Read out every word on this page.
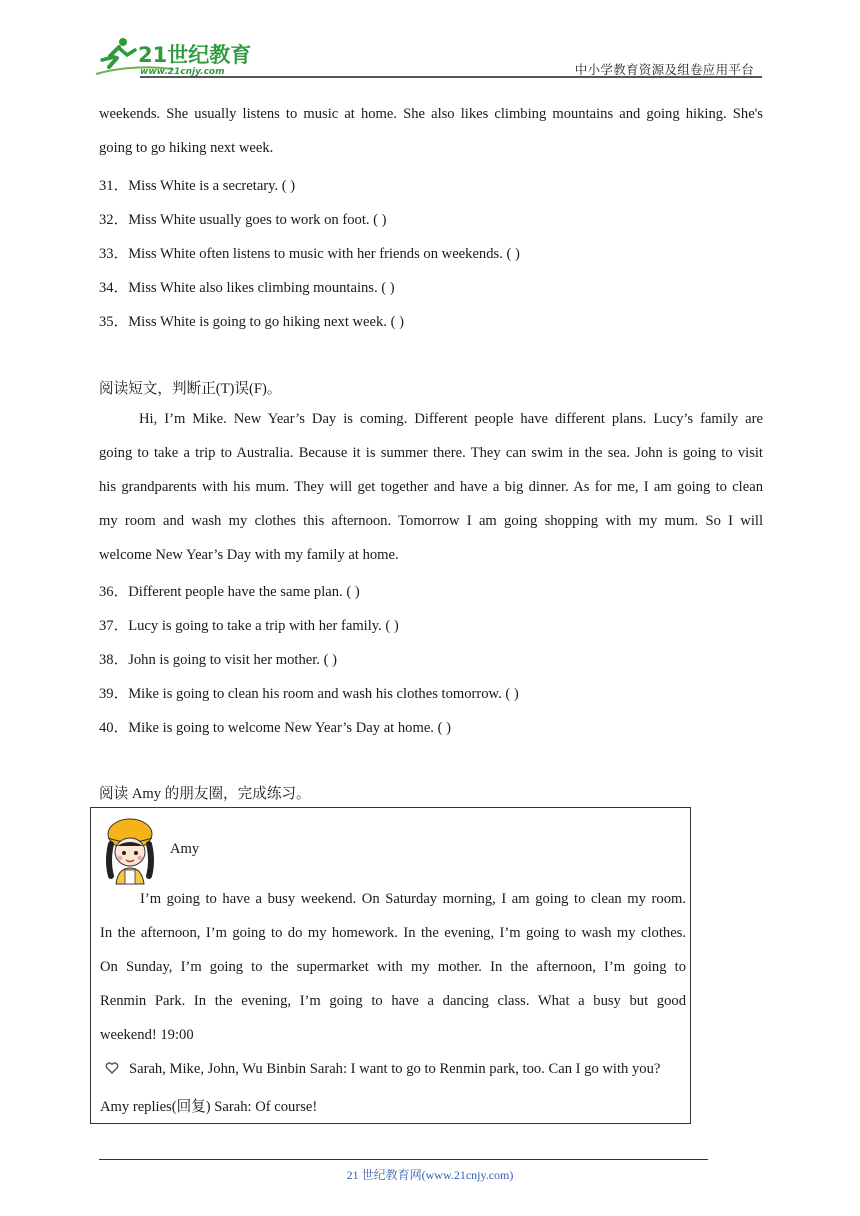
21世纪教育
www.21cnjy.com	中小学教育资源及组卷应用平台
weekends. She usually listens to music at home. She also likes climbing mountains and going hiking. She's
going to go hiking next week.
31．Miss White is a secretary. ( )
32．Miss White usually goes to work on foot. ( )
33．Miss White often listens to music with her friends on weekends. ( )
34．Miss White also likes climbing mountains. ( )
35．Miss White is going to go hiking next week. ( )
阅读短文，判断正(T)误(F)。
Hi, I’m Mike. New Year’s Day is coming. Different people have different plans. Lucy’s family are
going to take a trip to Australia. Because it is summer there. They can swim in the sea. John is going to visit
his grandparents with his mum. They will get together and have a big dinner. As for me, I am going to clean
my room and wash my clothes this afternoon. Tomorrow I am going shopping with my mum. So I will
welcome New Year’s Day with my family at home.
36．Different people have the same plan. ( )
37．Lucy is going to take a trip with her family. ( )
38．John is going to visit her mother. ( )
39．Mike is going to clean his room and wash his clothes tomorrow. ( )
40．Mike is going to welcome New Year’s Day at home. ( )
阅读 Amy 的朋友圈，完成练习。
Amy
I’m going to have a busy weekend. On Saturday morning, I am going to clean my room.
In the afternoon, I’m going to do my homework. In the evening, I’m going to wash my clothes.
On Sunday, I’m going to the supermarket with my mother. In the afternoon, I’m going to
Renmin Park. In the evening, I’m going to have a dancing class. What a busy but good
weekend! 19:00
Sarah, Mike, John, Wu Binbin Sarah: I want to go to Renmin park, too. Can I go with you?
Amy replies(回复) Sarah: Of course!
21 世纪教育网(www.21cnjy.com)
